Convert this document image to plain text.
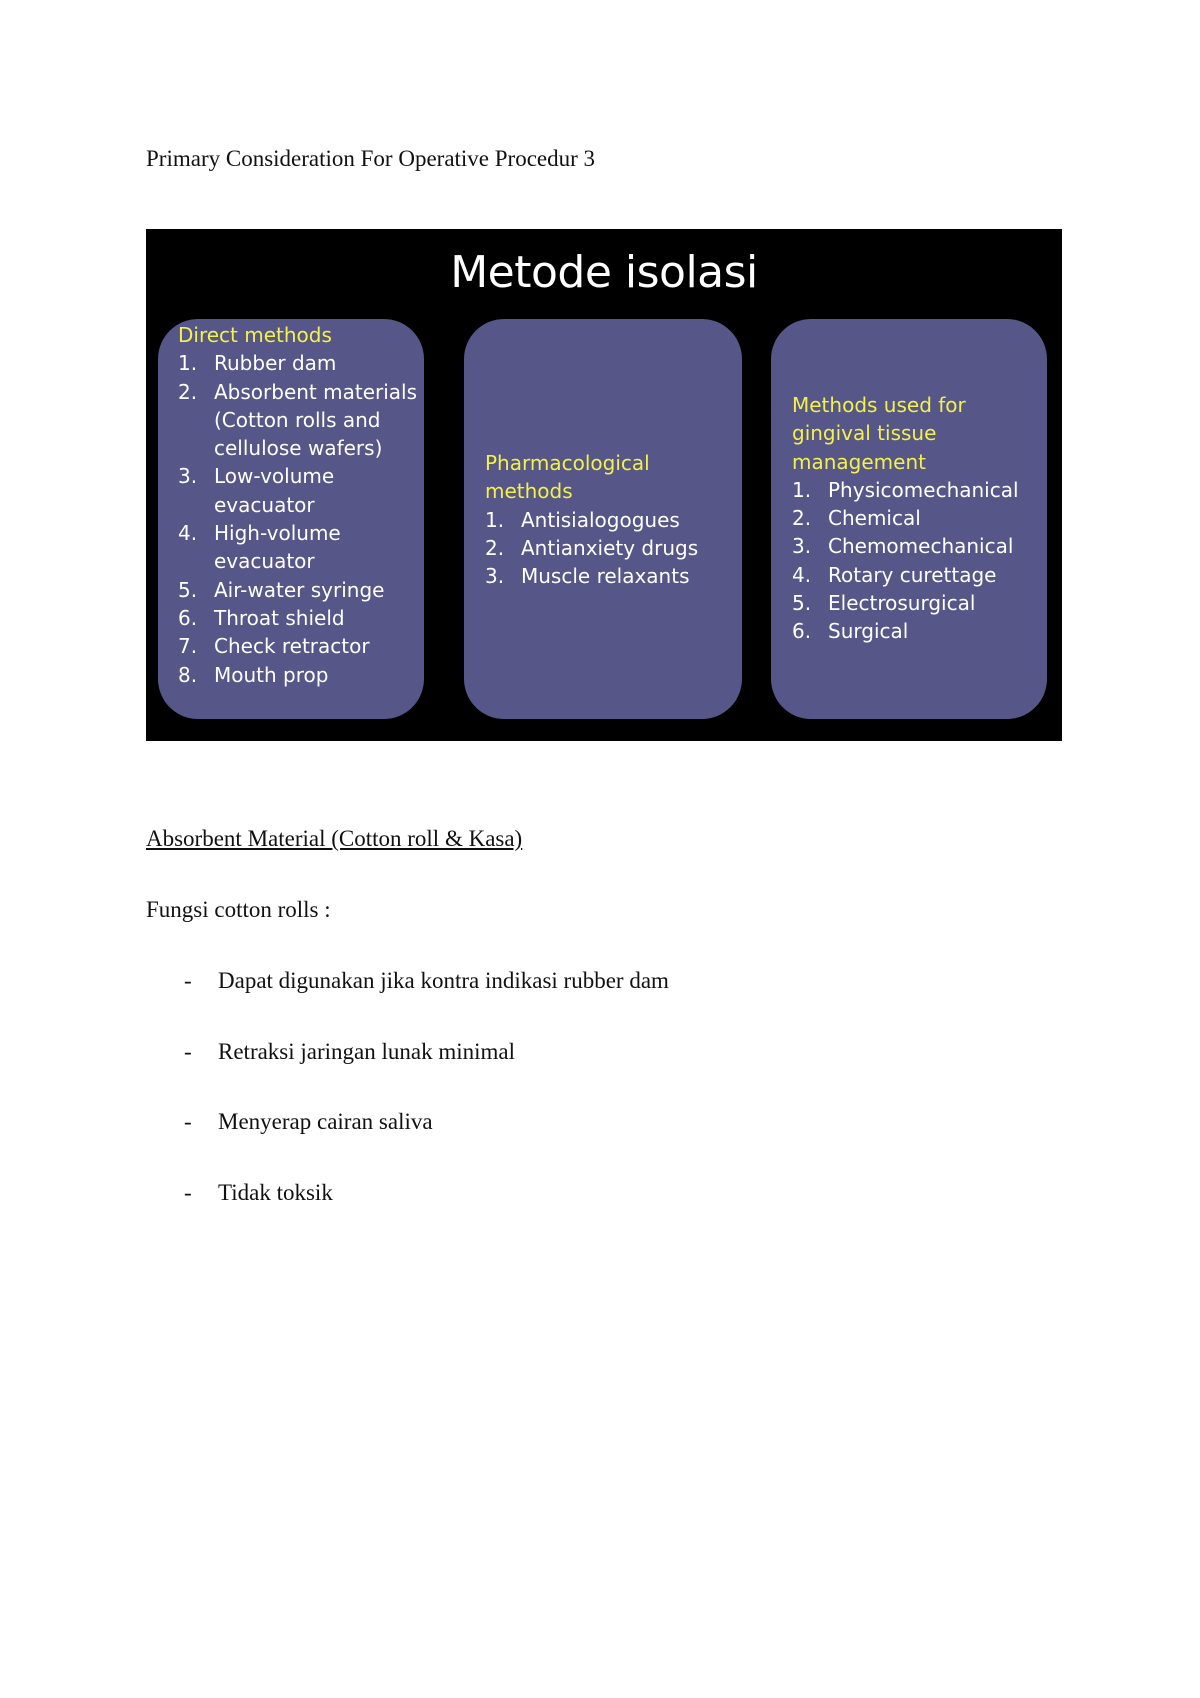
Primary Consideration For Operative Procedur 3

Metode isolasi
Direct methods
1. Rubber dam
2. Absorbent materials (Cotton rolls and cellulose wafers)
3. Low-volume evacuator
4. High-volume evacuator
5. Air-water syringe
6. Throat shield
7. Check retractor
8. Mouth prop
Pharmacological methods
1. Antisialogogues
2. Antianxiety drugs
3. Muscle relaxants
Methods used for gingival tissue management
1. Physicomechanical
2. Chemical
3. Chemomechanical
4. Rotary curettage
5. Electrosurgical
6. Surgical

Absorbent Material (Cotton roll & Kasa)

Fungsi cotton rolls :

- Dapat digunakan jika kontra indikasi rubber dam
- Retraksi jaringan lunak minimal
- Menyerap cairan saliva
- Tidak toksik
